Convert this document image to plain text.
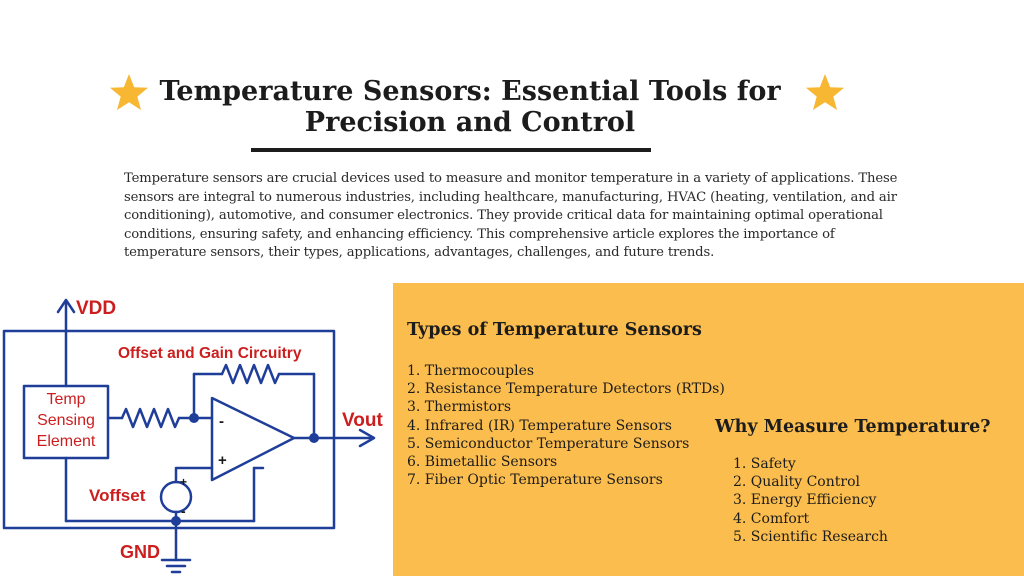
Temperature Sensors: Essential Tools for
Precision and Control

Temperature sensors are crucial devices used to measure and monitor temperature in a variety of applications. These sensors are integral to numerous industries, including healthcare, manufacturing, HVAC (heating, ventilation, and air conditioning), automotive, and consumer electronics. They provide critical data for maintaining optimal operational conditions, ensuring safety, and enhancing efficiency. This comprehensive article explores the importance of temperature sensors, their types, applications, advantages, challenges, and future trends.

Offset and Gain Circuitry
VDD
Vout
Voffset
GND
Temp
Sensing
Element
-
+
+
-
Types of Temperature Sensors
1. Thermocouples
2. Resistance Temperature Detectors (RTDs)
3. Thermistors
4. Infrared (IR) Temperature Sensors
5. Semiconductor Temperature Sensors
6. Bimetallic Sensors
7. Fiber Optic Temperature Sensors
Why Measure Temperature?
1. Safety
2. Quality Control
3. Energy Efficiency
4. Comfort
5. Scientific Research
